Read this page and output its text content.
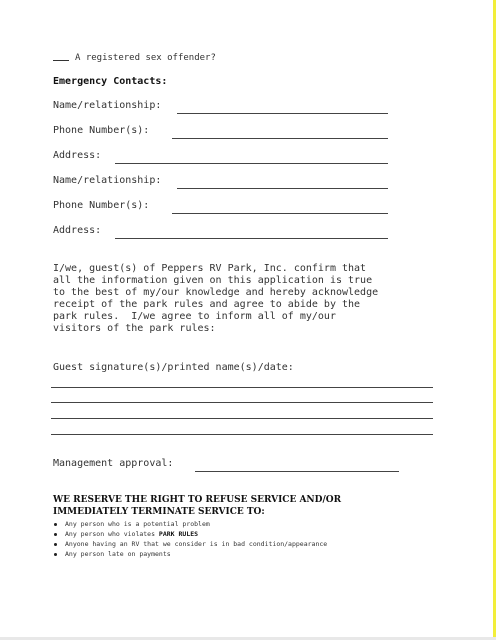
A registered sex offender?
Emergency Contacts:
Name/relationship:
Phone Number(s):
Address:
Name/relationship:
Phone Number(s):
Address:
I/we, guest(s) of Peppers RV Park, Inc. confirm that
all the information given on this application is true
to the best of my/our knowledge and hereby acknowledge
receipt of the park rules and agree to abide by the
park rules.  I/we agree to inform all of my/our
visitors of the park rules:
Guest signature(s)/printed name(s)/date:
Management approval:
WE RESERVE THE RIGHT TO REFUSE SERVICE AND/OR
IMMEDIATELY TERMINATE SERVICE TO:
Any person who is a potential problem
Any person who violates PARK RULES
Anyone having an RV that we consider is in bad condition/appearance
Any person late on payments
